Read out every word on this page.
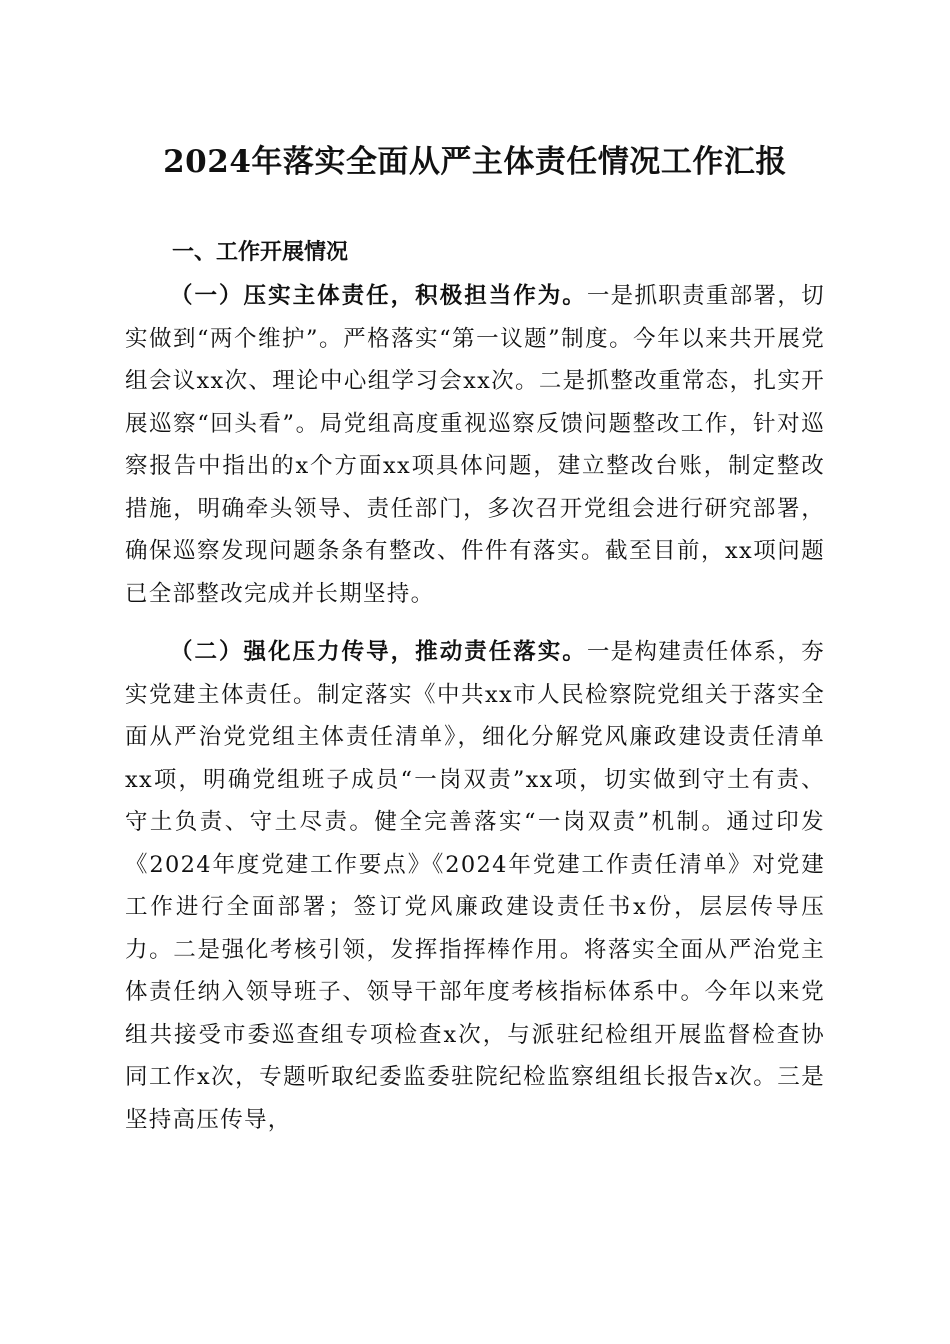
2024年落实全面从严主体责任情况工作汇报
一、工作开展情况

（一）压实主体责任，积极担当作为。一是抓职责重部署，切实做到“两个维护”。严格落实“第一议题”制度。今年以来共开展党组会议xx次、理论中心组学习会xx次。二是抓整改重常态，扎实开展巡察“回头看”。局党组高度重视巡察反馈问题整改工作，针对巡察报告中指出的x个方面xx项具体问题，建立整改台账，制定整改措施，明确牵头领导、责任部门，多次召开党组会进行研究部署，确保巡察发现问题条条有整改、件件有落实。截至目前，xx项问题已全部整改完成并长期坚持。

（二）强化压力传导，推动责任落实。一是构建责任体系，夯实党建主体责任。制定落实《中共xx市人民检察院党组关于落实全面从严治党党组主体责任清单》，细化分解党风廉政建设责任清单xx项，明确党组班子成员“一岗双责”xx项，切实做到守土有责、守土负责、守土尽责。健全完善落实“一岗双责”机制。通过印发《2024年度党建工作要点》《2024年党建工作责任清单》对党建工作进行全面部署；签订党风廉政建设责任书x份，层层传导压力。二是强化考核引领，发挥指挥棒作用。将落实全面从严治党主体责任纳入领导班子、领导干部年度考核指标体系中。今年以来党组共接受市委巡查组专项检查x次，与派驻纪检组开展监督检查协同工作x次，专题听取纪委监委驻院纪检监察组组长报告x次。三是坚持高压传导，
